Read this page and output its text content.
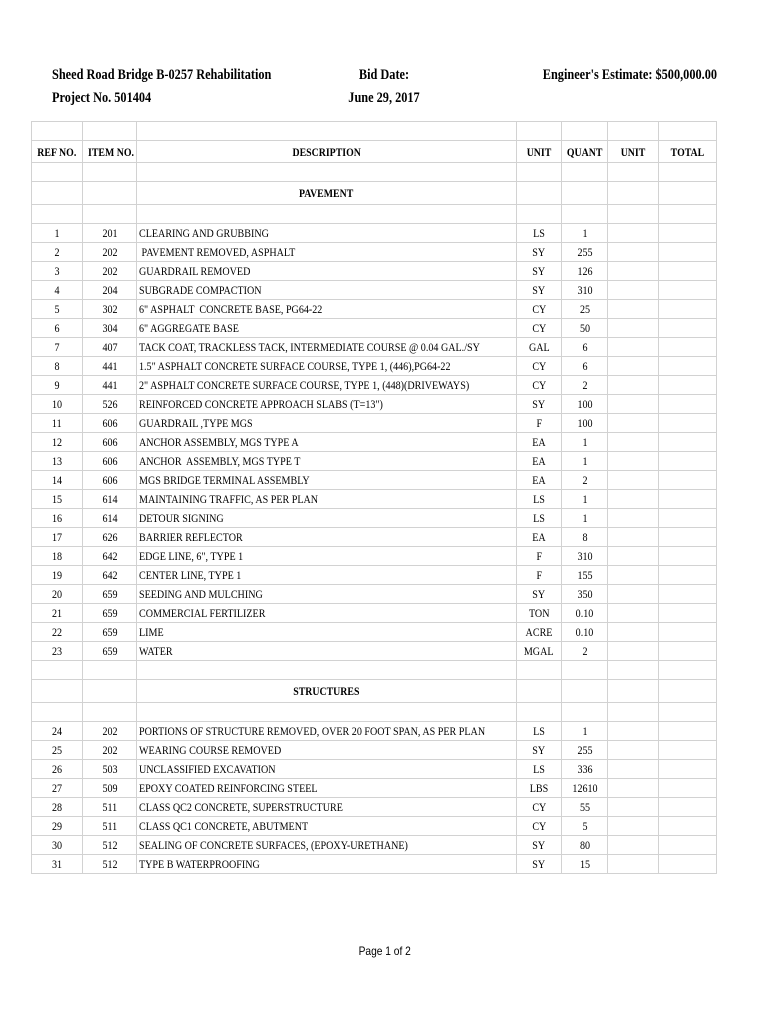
Sheed Road Bridge B-0257 Rehabilitation
Project No. 501404
Bid Date:
June 29, 2017
Engineer's Estimate: $500,000.00

REF NO.	ITEM NO.	DESCRIPTION	UNIT	QUANT	UNIT	TOTAL

		PAVEMENT				

1	201	CLEARING AND GRUBBING	LS	1		
2	202	PAVEMENT REMOVED, ASPHALT	SY	255		
3	202	GUARDRAIL REMOVED	SY	126		
4	204	SUBGRADE COMPACTION	SY	310		
5	302	6" ASPHALT  CONCRETE BASE, PG64-22	CY	25		
6	304	6" AGGREGATE BASE	CY	50		
7	407	TACK COAT, TRACKLESS TACK, INTERMEDIATE COURSE @ 0.04 GAL./SY	GAL	6		
8	441	1.5" ASPHALT CONCRETE SURFACE COURSE, TYPE 1, (446),PG64-22	CY	6		
9	441	2" ASPHALT CONCRETE SURFACE COURSE, TYPE 1, (448)(DRIVEWAYS)	CY	2		
10	526	REINFORCED CONCRETE APPROACH SLABS (T=13")	SY	100		
11	606	GUARDRAIL ,TYPE MGS	F	100		
12	606	ANCHOR ASSEMBLY, MGS TYPE A	EA	1		
13	606	ANCHOR  ASSEMBLY, MGS TYPE T	EA	1		
14	606	MGS BRIDGE TERMINAL ASSEMBLY	EA	2		
15	614	MAINTAINING TRAFFIC, AS PER PLAN	LS	1		
16	614	DETOUR SIGNING	LS	1		
17	626	BARRIER REFLECTOR	EA	8		
18	642	EDGE LINE, 6", TYPE 1	F	310		
19	642	CENTER LINE, TYPE 1	F	155		
20	659	SEEDING AND MULCHING	SY	350		
21	659	COMMERCIAL FERTILIZER	TON	0.10		
22	659	LIME	ACRE	0.10		
23	659	WATER	MGAL	2		

		STRUCTURES				

24	202	PORTIONS OF STRUCTURE REMOVED, OVER 20 FOOT SPAN, AS PER PLAN	LS	1		
25	202	WEARING COURSE REMOVED	SY	255		
26	503	UNCLASSIFIED EXCAVATION	LS	336		
27	509	EPOXY COATED REINFORCING STEEL	LBS	12610		
28	511	CLASS QC2 CONCRETE, SUPERSTRUCTURE	CY	55		
29	511	CLASS QC1 CONCRETE, ABUTMENT	CY	5		
30	512	SEALING OF CONCRETE SURFACES, (EPOXY-URETHANE)	SY	80		
31	512	TYPE B WATERPROOFING	SY	15		
Page 1 of 2
